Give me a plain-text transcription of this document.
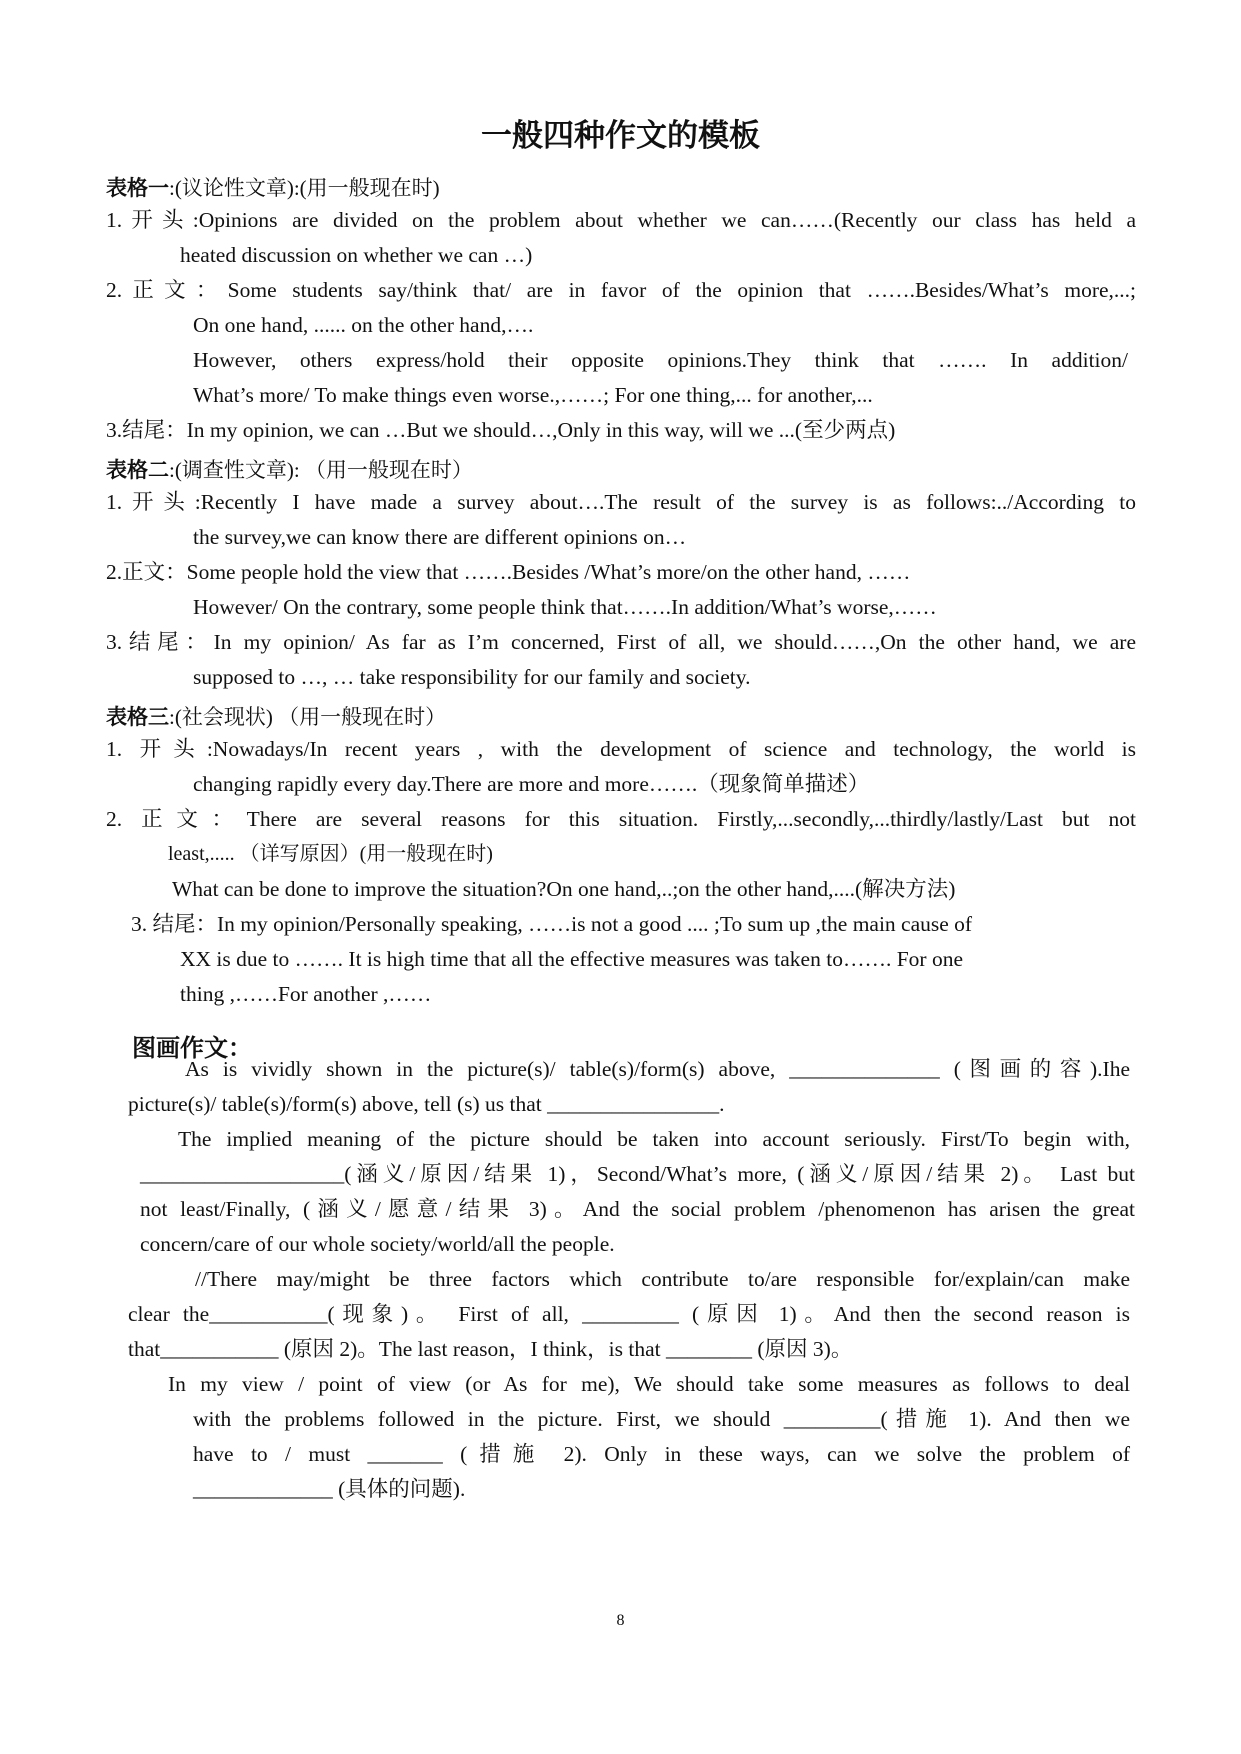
一般四种作文的模板
表格一:(议论性文章):(用一般现在时)
1.开头:Opinions are divided on the problem about whether we can……(Recently our class has held a
heated discussion on whether we can …)
2.正文：Some students say/think that/ are in favor of the opinion that …….Besides/What’s more,...;
On one hand, ...... on the other hand,….
However, others express/hold their opposite opinions.They think that ……. In addition/
What’s more/ To make things even worse.,……; For one thing,... for another,...
3.结尾：In my opinion, we can …But we should…,Only in this way, will we ...(至少两点)
表格二:(调查性文章): （用一般现在时）
1.开头:Recently I have made a survey about….The result of the survey is as follows:../According to
the survey,we can know there are different opinions on…
2.正文：Some people hold the view that …….Besides /What’s more/on the other hand, ……
However/ On the contrary, some people think that…….In addition/What’s worse,……
3.结尾：In my opinion/ As far as I’m concerned, First of all, we should……,On the other hand, we are
supposed to …, … take responsibility for our family and society.
表格三:(社会现状) （用一般现在时）
1. 开头:Nowadays/In recent years , with the development of science and technology, the world is
changing rapidly every day.There are more and more…….（现象简单描述）
2. 正文：There are several reasons for this situation. Firstly,...secondly,...thirdly/lastly/Last but not
least,..... （详写原因）(用一般现在时)
What can be done to improve the situation?On one hand,..;on the other hand,....(解决方法)
3. 结尾：In my opinion/Personally speaking, ……is not a good .... ;To sum up ,the main cause of
XX is due to ……. It is high time that all the effective measures was taken to……. For one
thing ,……For another ,……
图画作文：
As is vividly shown in the picture(s)/ table(s)/form(s) above, ______________ (图画的容).Ihe
picture(s)/ table(s)/form(s) above, tell (s) us that ________________.
The implied meaning of the picture should be taken into account seriously. First/To begin with,
___________________(涵义/原因/结果 1)，Second/What’s more, (涵义/原因/结果 2)。 Last but
not least/Finally, (涵义/愿意/结果 3)。And the social problem /phenomenon has arisen the great
concern/care of our whole society/world/all the people.
//There may/might be three factors which contribute to/are responsible for/explain/can make
clear the___________(现象)。 First of all, _________ (原因 1)。And then the second reason is
that___________ (原因 2)。The last reason，I think，is that ________ (原因 3)。
In my view / point of view (or As for me), We should take some measures as follows to deal
with the problems followed in the picture. First, we should _________(措施 1). And then we
have to / must _______ (措施 2). Only in these ways, can we solve the problem of
_____________ (具体的问题).
8
